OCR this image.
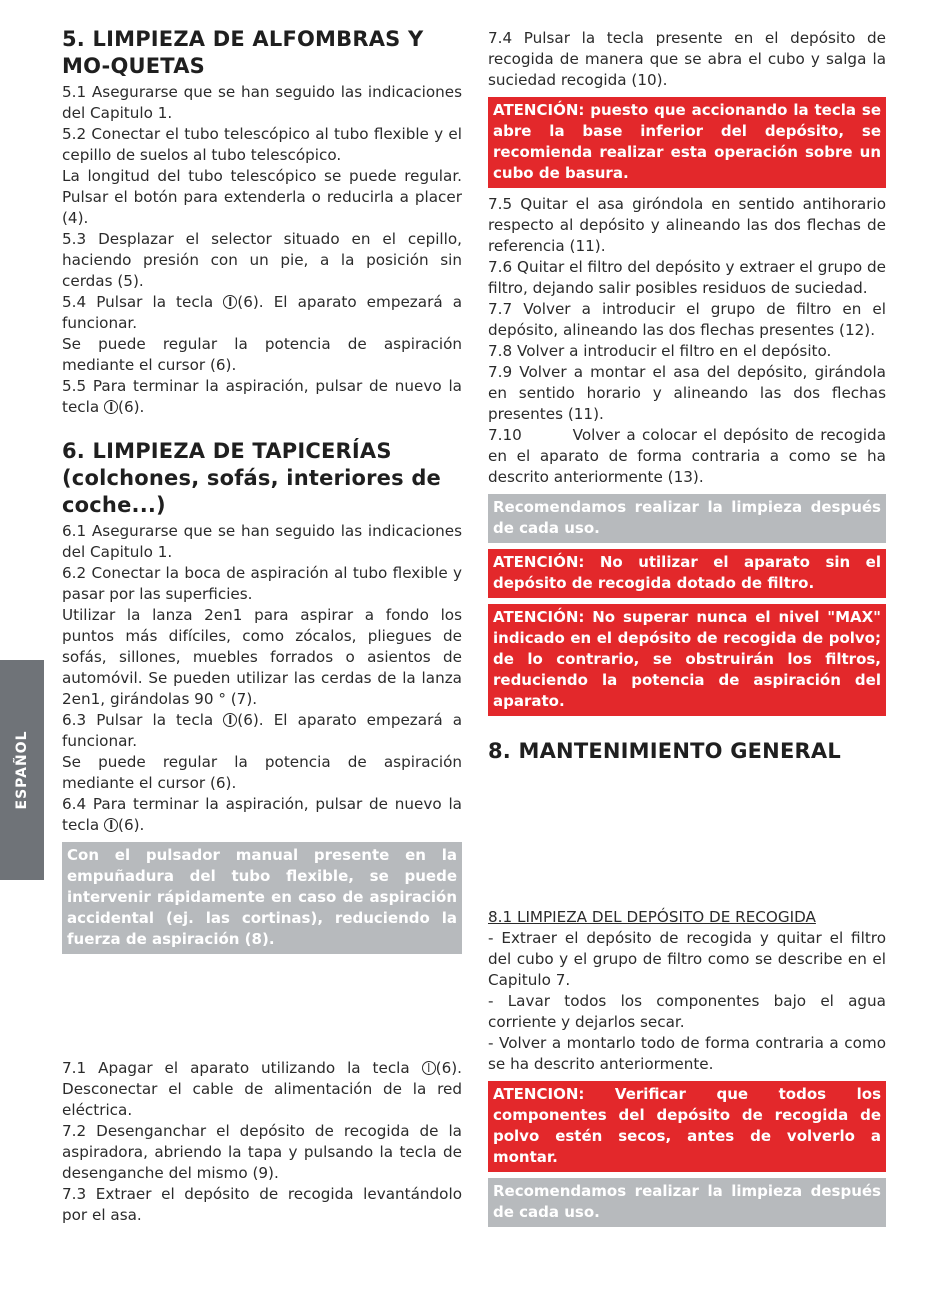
ESPAÑOL
5. LIMPIEZA DE ALFOMBRAS Y MO-QUETAS

5.1 Asegurarse que se han seguido las indicaciones del Capitulo 1.

5.2 Conectar el tubo telescópico al tubo flexible y el cepillo de suelos al tubo telescópico.

La longitud del tubo telescópico se puede regular. Pulsar el botón para extenderla o reducirla a placer (4).

5.3 Desplazar el selector situado en el cepillo, haciendo presión con un pie, a la posición sin cerdas (5).

5.4 Pulsar la tecla (6). El aparato empezará a funcionar.

Se puede regular la potencia de aspiración mediante el cursor (6).

5.5 Para terminar la aspiración, pulsar de nuevo la tecla (6).

6. LIMPIEZA DE TAPICERÍAS (colchones, sofás, interiores de coche...)

6.1 Asegurarse que se han seguido las indicaciones del Capitulo 1.

6.2 Conectar la boca de aspiración al tubo flexible y pasar por las superficies.

Utilizar la lanza 2en1 para aspirar a fondo los puntos más difíciles, como zócalos, pliegues de sofás, sillones, muebles forrados o asientos de automóvil. Se pueden utilizar las cerdas de la lanza 2en1, girándolas 90 ° (7).

6.3 Pulsar la tecla (6). El aparato empezará a funcionar.

Se puede regular la potencia de aspiración mediante el cursor (6).

6.4 Para terminar la aspiración, pulsar de nuevo la tecla (6).

Con el pulsador manual presente en la empuñadura del tubo flexible, se puede intervenir rápidamente en caso de aspiración accidental (ej. las cortinas), reduciendo la fuerza de aspiración (8).

7.1 Apagar el aparato utilizando la tecla (6). Desconectar el cable de alimentación de la red eléctrica.

7.2 Desenganchar el depósito de recogida de la aspiradora, abriendo la tapa y pulsando la tecla de desenganche del mismo (9).

7.3 Extraer el depósito de recogida levantándolo por el asa.

7.4 Pulsar la tecla presente en el depósito de recogida de manera que se abra el cubo y salga la suciedad recogida (10).

ATENCIÓN: puesto que accionando la tecla se abre la base inferior del depósito, se recomienda realizar esta operación sobre un cubo de basura.

7.5 Quitar el asa giróndola en sentido antihorario respecto al depósito y alineando las dos flechas de referencia (11).

7.6 Quitar el filtro del depósito y extraer el grupo de filtro, dejando salir posibles residuos de suciedad.

7.7 Volver a introducir el grupo de filtro en el depósito, alineando las dos flechas presentes (12).

7.8 Volver a introducir el filtro en el depósito.

7.9 Volver a montar el asa del depósito, girándola en sentido horario y alineando las dos flechas presentes (11).

7.10        Volver a colocar el depósito de recogida en el aparato de forma contraria a como se ha descrito anteriormente (13).

Recomendamos realizar la limpieza después de cada uso.
ATENCIÓN: No utilizar el aparato sin el depósito de recogida dotado de filtro.
ATENCIÓN: No superar nunca el nivel "MAX" indicado en el depósito de recogida de polvo; de lo contrario, se obstruirán los filtros, reduciendo la potencia de aspiración del aparato.
8. MANTENIMIENTO GENERAL

8.1 LIMPIEZA DEL DEPÓSITO DE RECOGIDA

- Extraer el depósito de recogida y quitar el filtro del cubo y el grupo de filtro como se describe en el Capitulo 7.

- Lavar todos los componentes bajo el agua corriente y dejarlos secar.

- Volver a montarlo todo de forma contraria a como se ha descrito anteriormente.

ATENCION: Verificar que todos los componentes del depósito de recogida de polvo estén secos, antes de volverlo a montar.
Recomendamos realizar la limpieza después de cada uso.
